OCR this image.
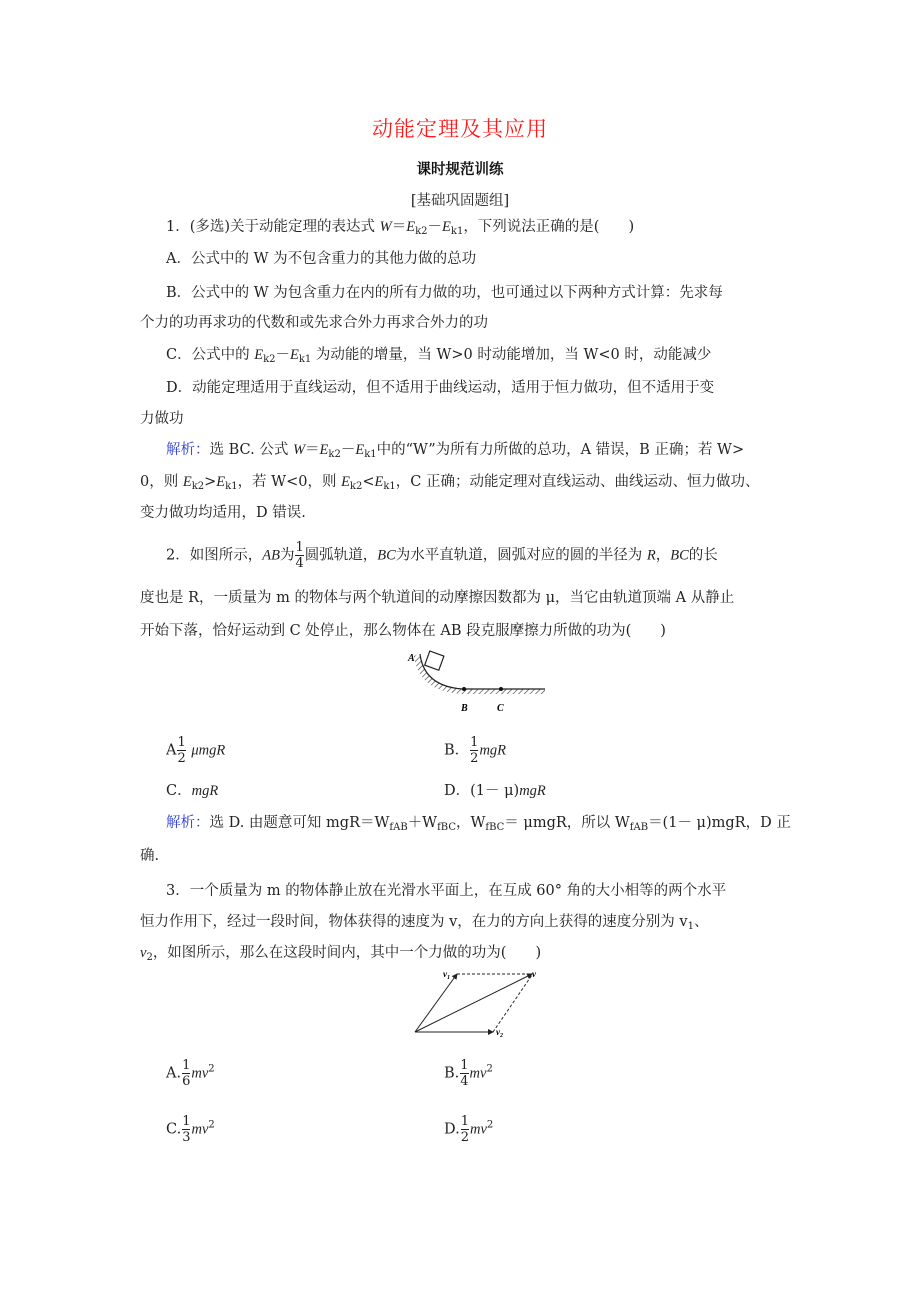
动能定理及其应用
课时规范训练
[基础巩固题组]
1．(多选)关于动能定理的表达式 $W=E_{k2}-E_{k1}$，下列说法正确的是(　　)
A．公式中的 W 为不包含重力的其他力做的总功
B．公式中的 W 为包含重力在内的所有力做的功，也可通过以下两种方式计算：先求每
个力的功再求功的代数和或先求合外力再求合外力的功
C．公式中的 $E_{k2}-E_{k1}$ 为动能的增量，当 W>0 时动能增加，当 W<0 时，动能减少
D．动能定理适用于直线运动，但不适用于曲线运动，适用于恒力做功，但不适用于变
力做功
解析：选 BC. 公式 $W=E_{k2}-E_{k1}$中的“W”为所有力所做的总功，A 错误，B 正确；若 W>
0，则 $E_{k2}>E_{k1}$，若 W<0，则 $E_{k2}<E_{k1}$，C 正确；动能定理对直线运动、曲线运动、恒力做功、
变力做功均适用，D 错误.
2．如图所示，AB为 $\frac{1}{4}$ 圆弧轨道，BC为水平直轨道，圆弧对应的圆的半径为 R，BC的长
度也是 R，一质量为 m 的物体与两个轨道间的动摩擦因数都为 μ，当它由轨道顶端 A 从静止
开始下落，恰好运动到 C 处停止，那么物体在 AB 段克服摩擦力所做的功为(　　)
A
B	C
A $\frac{1}{2}$ μmgR	B． $\frac{1}{2}$ mgR
C．mgR	D．(1－ μ)mgR
解析：选 D. 由题意可知 $mgR=W_{fAB}+W_{fBC}$，$W_{fBC}= \mu mgR$，所以 $W_{fAB}=(1- \mu)mgR$，D 正
确.
3．一个质量为 m 的物体静止放在光滑水平面上，在互成 60° 角的大小相等的两个水平
恒力作用下，经过一段时间，物体获得的速度为 v，在力的方向上获得的速度分别为 $v_1$、
$v_2$，如图所示，那么在这段时间内，其中一个力做的功为(　　)
$v_1$	v
$v_2$
A. $\frac{1}{6} mv^2$	B. $\frac{1}{4} mv^2$
C. $\frac{1}{3} mv^2$	D. $\frac{1}{2} mv^2$
